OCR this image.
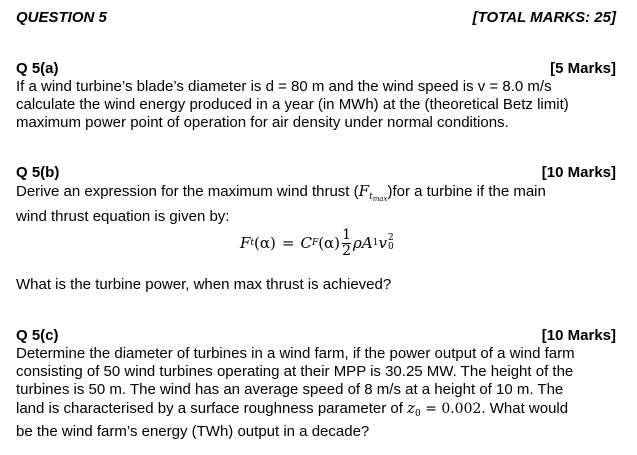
QUESTION 5	[TOTAL MARKS: 25]
Q 5(a)	[5 Marks]
If a wind turbine’s blade’s diameter is d = 80 m and the wind speed is v = 8.0 m/s
calculate the wind energy produced in a year (in MWh) at the (theoretical Betz limit)
maximum power point of operation for air density under normal conditions.
Q 5(b)	[10 Marks]
Derive an expression for the maximum wind thrust $(F_{t_{max}})for$ a turbine if the main
wind thrust equation is given by:
F t (α) = C F $(\alpha) \frac{1}{2}$ ρ A 1 v 2
0
What is the turbine power, when max thrust is achieved?
Q 5(c)	[10 Marks]
Determine the diameter of turbines in a wind farm, if the power output of a wind farm
consisting of 50 wind turbines operating at their MPP is 30.25 MW. The height of the
turbines is 50 m. The wind has an average speed of 8 m/s at a height of 10 m. The
land is characterised by a surface roughness parameter of $z_0 = 0.002$. What would
be the wind farm’s energy (TWh) output in a decade?
